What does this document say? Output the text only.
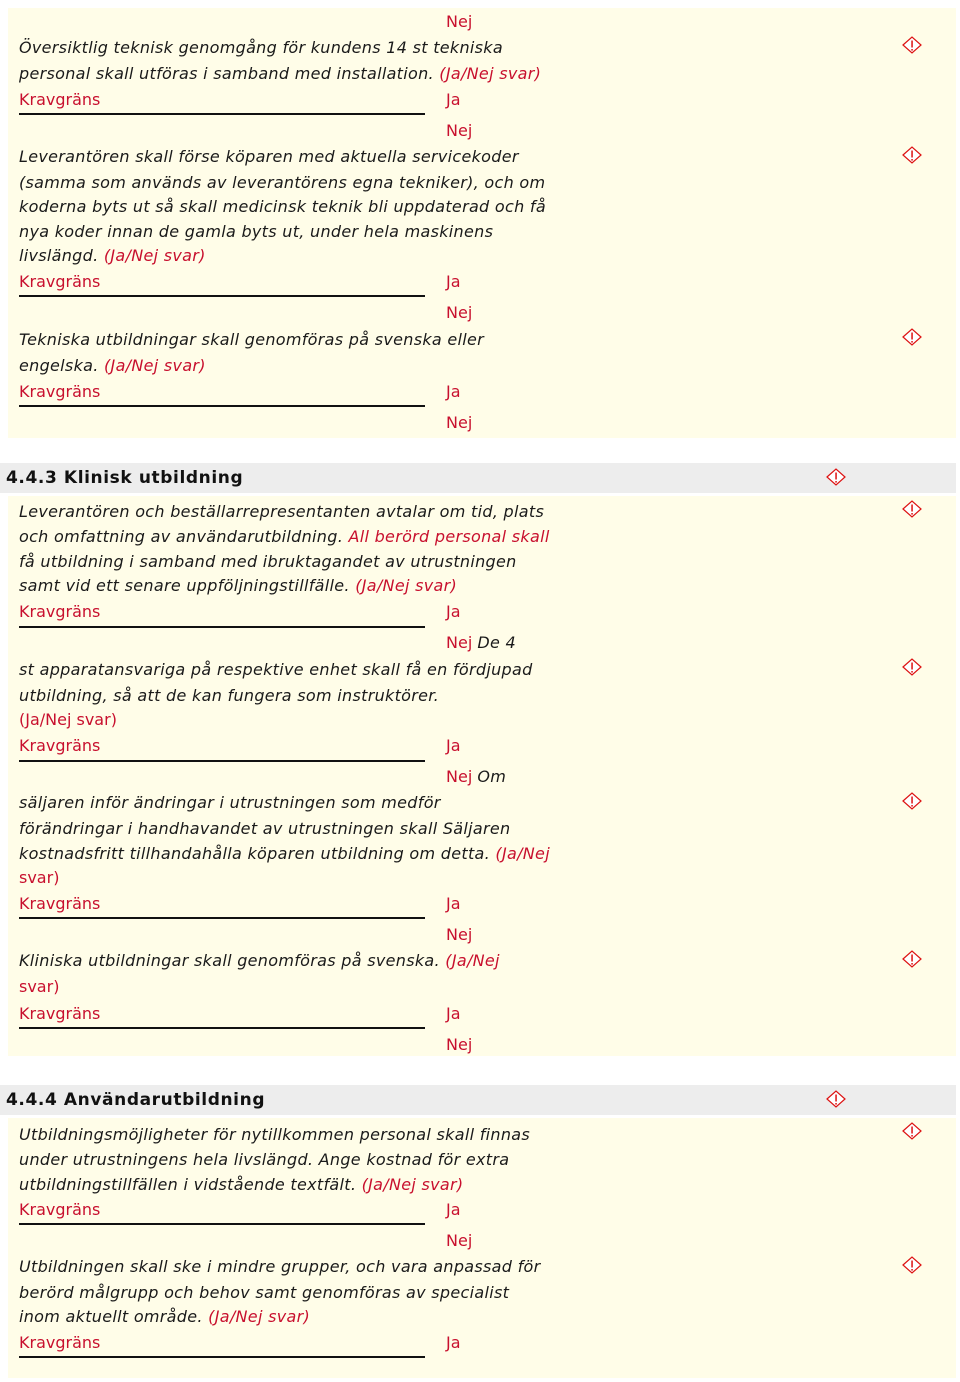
Nej
Översiktlig teknisk genomgång för kundens 14 st tekniska
personal skall utföras i samband med installation. (Ja/Nej svar)
Kravgräns	Ja
Nej
Leverantören skall förse köparen med aktuella servicekoder
(samma som används av leverantörens egna tekniker), och om
koderna byts ut så skall medicinsk teknik bli uppdaterad och få
nya koder innan de gamla byts ut, under hela maskinens
livslängd. (Ja/Nej svar)
Kravgräns	Ja
Nej
Tekniska utbildningar skall genomföras på svenska eller
engelska. (Ja/Nej svar)
Kravgräns	Ja
Nej
4.4.3 Klinisk utbildning
Leverantören och beställarrepresentanten avtalar om tid, plats
och omfattning av användarutbildning. All berörd personal skall
få utbildning i samband med ibruktagandet av utrustningen
samt vid ett senare uppföljningstillfälle. (Ja/Nej svar)
Kravgräns	Ja
Nej De 4
st apparatansvariga på respektive enhet skall få en fördjupad
utbildning, så att de kan fungera som instruktörer.
(Ja/Nej svar)
Kravgräns	Ja
Nej Om
säljaren inför ändringar i utrustningen som medför
förändringar i handhavandet av utrustningen skall Säljaren
kostnadsfritt tillhandahålla köparen utbildning om detta. (Ja/Nej
svar)
Kravgräns	Ja
Nej
Kliniska utbildningar skall genomföras på svenska. (Ja/Nej
svar)
Kravgräns	Ja
Nej
4.4.4 Användarutbildning
Utbildningsmöjligheter för nytillkommen personal skall finnas
under utrustningens hela livslängd. Ange kostnad för extra
utbildningstillfällen i vidstående textfält. (Ja/Nej svar)
Kravgräns	Ja
Nej
Utbildningen skall ske i mindre grupper, och vara anpassad för
berörd målgrupp och behov samt genomföras av specialist
inom aktuellt område. (Ja/Nej svar)
Kravgräns	Ja
